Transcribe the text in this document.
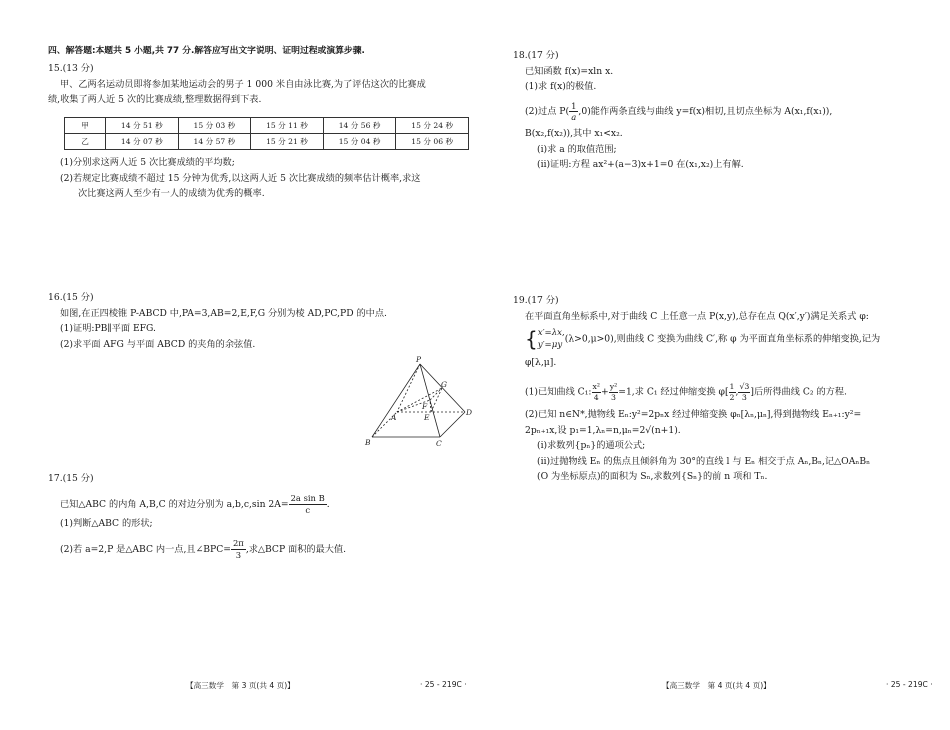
四、解答题:本题共 5 小题,共 77 分.解答应写出文字说明、证明过程或演算步骤.
15.(13 分)
甲、乙两名运动员即将参加某地运动会的男子 1 000 米自由泳比赛,为了评估这次的比赛成
绩,收集了两人近 5 次的比赛成绩,整理数据得到下表.
甲	14 分 51 秒	15 分 03 秒	15 分 11 秒	14 分 56 秒	15 分 24 秒
乙	14 分 07 秒	14 分 57 秒	15 分 21 秒	15 分 04 秒	15 分 06 秒
(1)分别求这两人近 5 次比赛成绩的平均数;
(2)若规定比赛成绩不超过 15 分钟为优秀,以这两人近 5 次比赛成绩的频率估计概率,求这
次比赛这两人至少有一人的成绩为优秀的概率.
16.(15 分)
如图,在正四棱锥 P-ABCD 中,PA=3,AB=2,E,F,G 分别为棱 AD,PC,PD 的中点.
(1)证明:PB∥平面 EFG.
(2)求平面 AFG 与平面 ABCD 的夹角的余弦值.
P
B	C
D
A	E
F
G
17.(15 分)
已知△ABC 的内角 A,B,C 的对边分别为 a,b,c,sin $2A= \frac{\text{2a sin B}}{c}$ .
(1)判断△ABC 的形状;
(2)若 a=2,P 是△ABC 内一点,且∠BPC= $\frac{2\pi}{3}$ ,求△BCP 面积的最大值.
【高三数学　第 3 页(共 4 页)】	· 25 - 219C ·
18.(17 分)
已知函数 f(x)=xln x.
(1)求 f(x)的极值.
(2)过点 $P( \frac{1}{a} ,0)$能作两条直线与曲线 y=f(x)相切,且切点坐标为 A(x₁,f(x₁)),
B(x₂,f(x₂)),其中 x₁<x₂.
(ⅰ)求 a 的取值范围;
(ⅱ)证明:方程 ax²+(a−3)x+1=0 在(x₁,x₂)上有解.
19.(17 分)
在平面直角坐标系中,对于曲线 C 上任意一点 P(x,y),总存在点 Q(x′,y′)满足关系式 φ:
{ x′=λx,
y′=μy
(λ>0,μ>0),则曲线 C 变换为曲线 C′,称 φ 为平面直角坐标系的伸缩变换,记为
φ[λ,μ].
(1)已知曲线 C₁: $\frac{\text{x²}}{4} + \frac{\text{y²}}{3} =1$,求 C₁ 经过伸缩变换 $\varphi[ \frac{1}{2}$ , $\frac{√3}{3}$ ]后所得曲线 C₂ 的方程.
(2)已知 n∈N*,抛物线 Eₙ:y²=2pₙx 经过伸缩变换 φₙ[λₙ,μₙ],得到抛物线 Eₙ₊₁:y²=
2pₙ₊₁x,设 p₁=1,λₙ=n,μₙ=2√(n+1).
(ⅰ)求数列{pₙ}的通项公式;
(ⅱ)过抛物线 Eₙ 的焦点且倾斜角为 30°的直线 l 与 Eₙ 相交于点 Aₙ,Bₙ,记△OAₙBₙ
(O 为坐标原点)的面积为 Sₙ,求数列{Sₙ}的前 n 项和 Tₙ.
【高三数学　第 4 页(共 4 页)】	· 25 - 219C ·
